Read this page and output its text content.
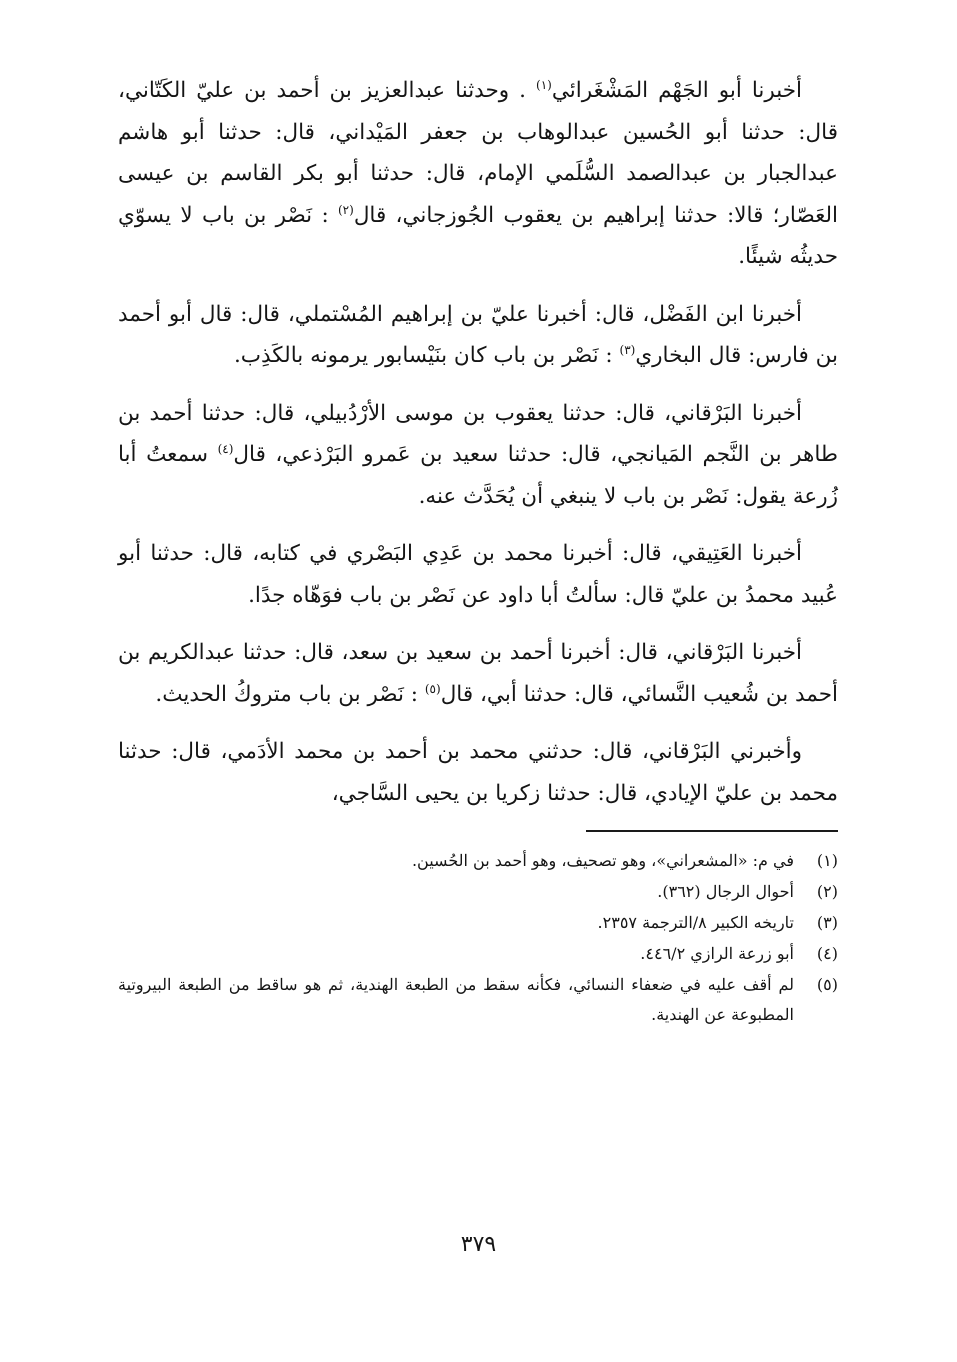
أخبرنا أبو الجَهْم المَشْغَرائي$^{(١)}$ . وحدثنا عبدالعزيز بن أحمد بن عليّ الكَتّاني، قال: حدثنا أبو الحُسين عبدالوهاب بن جعفر المَيْداني، قال: حدثنا أبو هاشم عبدالجبار بن عبدالصمد السُّلَمي الإمام، قال: حدثنا أبو بكر القاسم بن عيسى العَصّار؛ قالا: حدثنا إبراهيم بن يعقوب الجُوزجاني، قال$^{(٢)}$ : نَصْر بن باب لا يسوّي حديثُه شيئًا.

أخبرنا ابن الفَضْل، قال: أخبرنا عليّ بن إبراهيم المُسْتملي، قال: قال أبو أحمد بن فارس: قال البخاري$^{(٣)}$ : نَصْر بن باب كان بنَيْسابور يرمونه بالكَذِب.

أخبرنا البَرْقاني، قال: حدثنا يعقوب بن موسى الأرْدُبيلي، قال: حدثنا أحمد بن طاهر بن النَّجم المَيانجي، قال: حدثنا سعيد بن عَمرو البَرْذعي، قال$^{(٤)}$ سمعتُ أبا زُرعة يقول: نَصْر بن باب لا ينبغي أن يُحَدَّث عنه.

أخبرنا العَتِيقي، قال: أخبرنا محمد بن عَدِي البَصْري في كتابه، قال: حدثنا أبو عُبيد محمدُ بن عليّ قال: سألتُ أبا داود عن نَصْر بن باب فوَهّاه جدًا.

أخبرنا البَرْقاني، قال: أخبرنا أحمد بن سعيد بن سعد، قال: حدثنا عبدالكريم بن أحمد بن شُعيب النَّسائي، قال: حدثنا أبي، قال$^{(٥)}$ : نَصْر بن باب متروكُ الحديث.

وأخبرني البَرْقاني، قال: حدثني محمد بن أحمد بن محمد الأدَمي، قال: حدثنا محمد بن عليّ الإيادي، قال: حدثنا زكريا بن يحيى السَّاجي،

(١)
في م: «المشعراني»، وهو تصحيف، وهو أحمد بن الحُسين.
(٢)
أحوال الرجال (٣٦٢).
(٣)
تاريخه الكبير ٨/الترجمة ٢٣٥٧.
(٤)
أبو زرعة الرازي ٤٤٦/٢.
(٥)
لم أقف عليه في ضعفاء النسائي، فكأنه سقط من الطبعة الهندية، ثم هو ساقط من الطبعة البيروتية المطبوعة عن الهندية.
٣٧٩
